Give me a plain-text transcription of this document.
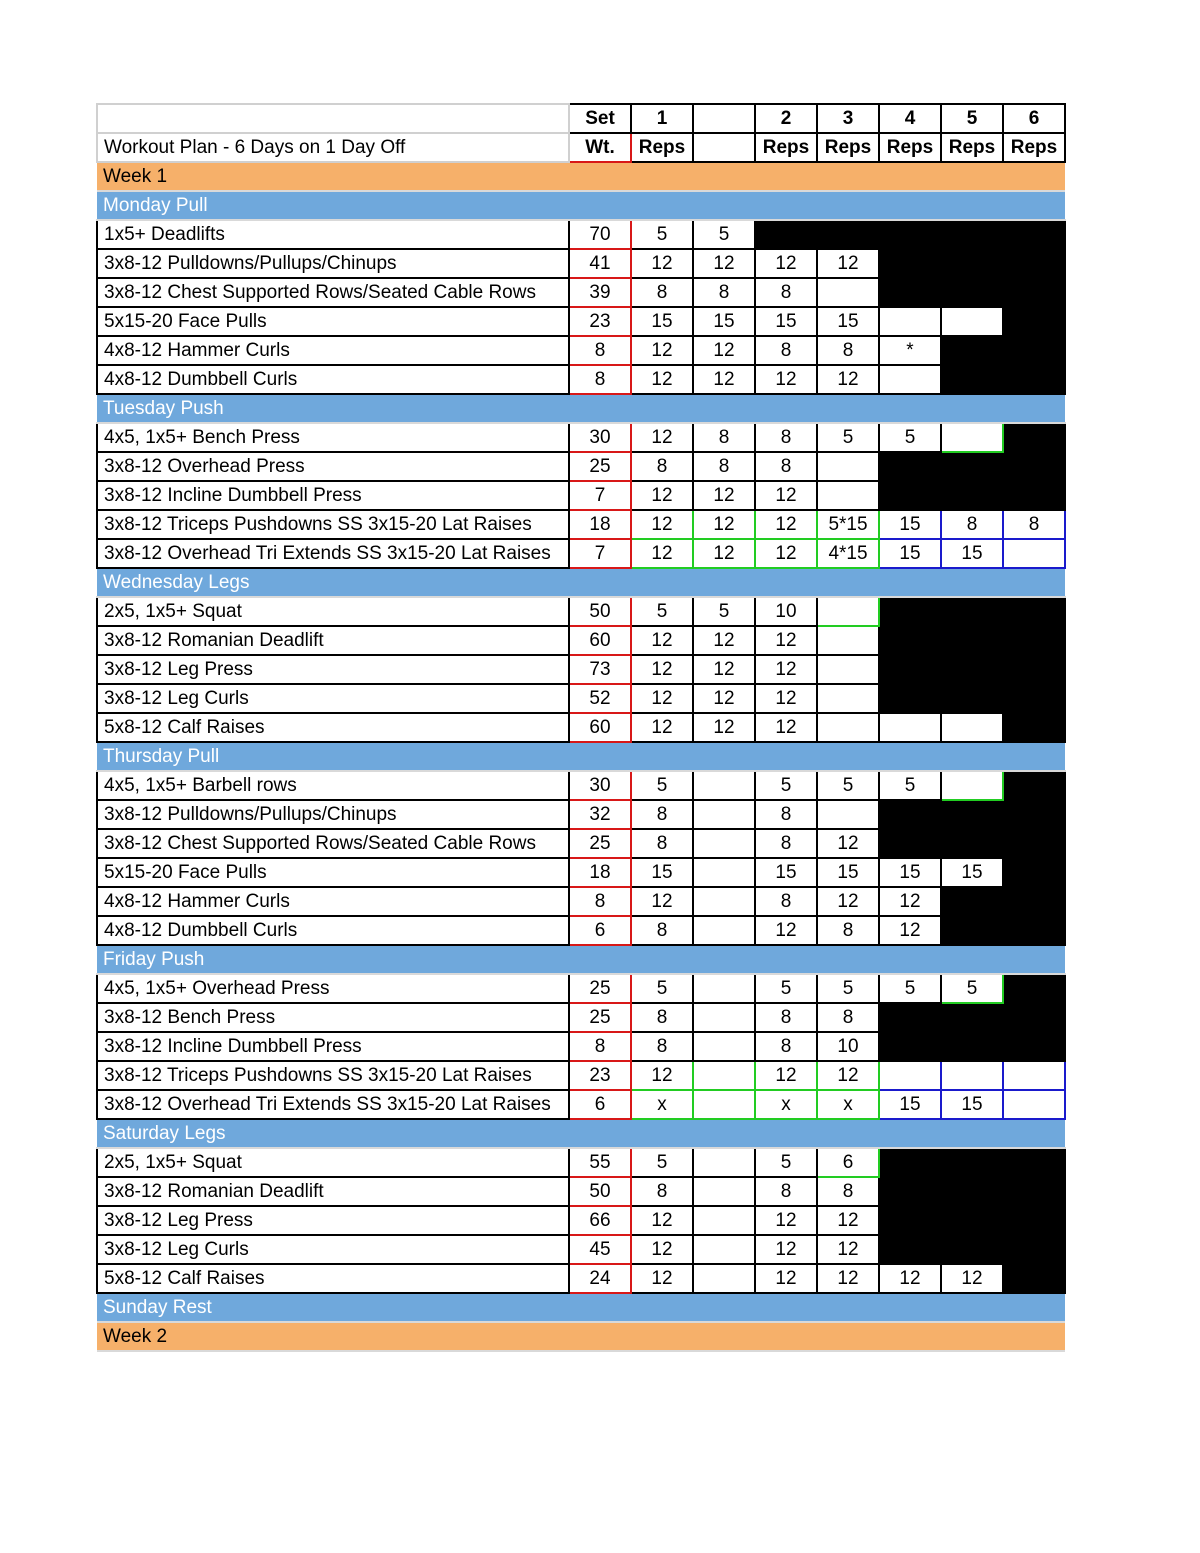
	Set	1		2	3	4	5	6
Workout Plan - 6 Days on 1 Day Off	Wt.	Reps		Reps	Reps	Reps	Reps	Reps
Week 1								
Monday Pull								
1x5+ Deadlifts	70	5	5					
3x8-12 Pulldowns/Pullups/Chinups	41	12	12	12	12			
3x8-12 Chest Supported Rows/Seated Cable Rows	39	8	8	8				
5x15-20 Face Pulls	23	15	15	15	15			
4x8-12 Hammer Curls	8	12	12	8	8	*		
4x8-12 Dumbbell Curls	8	12	12	12	12			
Tuesday Push								
4x5, 1x5+ Bench Press	30	12	8	8	5	5		
3x8-12 Overhead Press	25	8	8	8				
3x8-12 Incline Dumbbell Press	7	12	12	12				
3x8-12 Triceps Pushdowns SS 3x15-20 Lat Raises	18	12	12	12	5*15	15	8	8
3x8-12 Overhead Tri Extends SS 3x15-20 Lat Raises	7	12	12	12	4*15	15	15	
Wednesday Legs								
2x5, 1x5+ Squat	50	5	5	10				
3x8-12 Romanian Deadlift	60	12	12	12				
3x8-12 Leg Press	73	12	12	12				
3x8-12 Leg Curls	52	12	12	12				
5x8-12 Calf Raises	60	12	12	12				
Thursday Pull								
4x5, 1x5+ Barbell rows	30	5		5	5	5		
3x8-12 Pulldowns/Pullups/Chinups	32	8		8				
3x8-12 Chest Supported Rows/Seated Cable Rows	25	8		8	12			
5x15-20 Face Pulls	18	15		15	15	15	15	
4x8-12 Hammer Curls	8	12		8	12	12		
4x8-12 Dumbbell Curls	6	8		12	8	12		
Friday Push								
4x5, 1x5+ Overhead Press	25	5		5	5	5	5	
3x8-12 Bench Press	25	8		8	8			
3x8-12 Incline Dumbbell Press	8	8		8	10			
3x8-12 Triceps Pushdowns SS 3x15-20 Lat Raises	23	12		12	12			
3x8-12 Overhead Tri Extends SS 3x15-20 Lat Raises	6	x		x	x	15	15	
Saturday Legs								
2x5, 1x5+ Squat	55	5		5	6			
3x8-12 Romanian Deadlift	50	8		8	8			
3x8-12 Leg Press	66	12		12	12			
3x8-12 Leg Curls	45	12		12	12			
5x8-12 Calf Raises	24	12		12	12	12	12	
Sunday Rest								
Week 2								
